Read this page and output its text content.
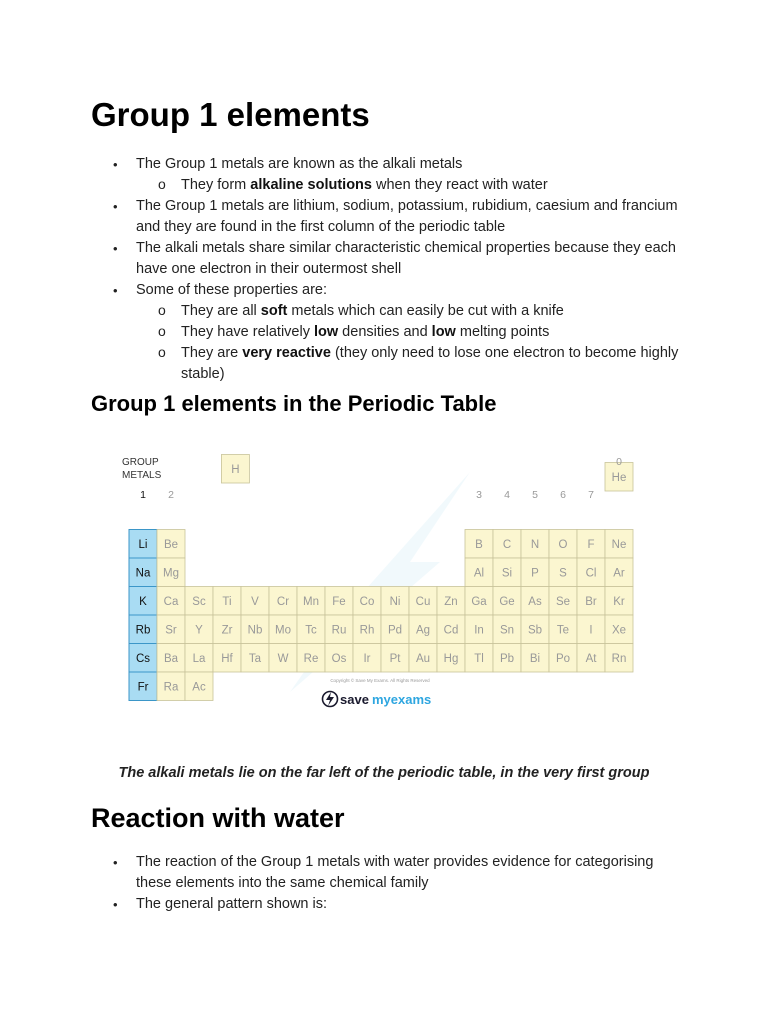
Group 1 elements
• The Group 1 metals are known as the alkali metals
o They form alkaline solutions when they react with water
• The Group 1 metals are lithium, sodium, potassium, rubidium, caesium and francium and they are found in the first column of the periodic table
• The alkali metals share similar characteristic chemical properties because they each have one electron in their outermost shell
• Some of these properties are:
o They are all soft metals which can easily be cut with a knife
o They have relatively low densities and low melting points
o They are very reactive (they only need to lose one electron to become highly stable)
Group 1 elements in the Periodic Table
H
He
Li
Na
K
Rb
Cs
Fr
Be
Mg
Ca
Sr
Ba
Ra
Sc Ti V Cr Mn Fe Co Ni Cu Zn
Y Zr Nb Mo Tc Ru Rh Pd Ag Cd
La Hf Ta W Re Os Ir Pt Au Hg
Ac
B C N O F Ne
Al Si P S Cl Ar
Ga Ge As Se Br Kr
In Sn Sb Te I Xe
Tl Pb Bi Po At Rn
GROUP
METALS
1 2	3 4 5 6 7
0
Copyright © Save My Exams. All Rights Reserved
save myexams
The alkali metals lie on the far left of the periodic table, in the very first group
Reaction with water
• The reaction of the Group 1 metals with water provides evidence for categorising these elements into the same chemical family
• The general pattern shown is:
